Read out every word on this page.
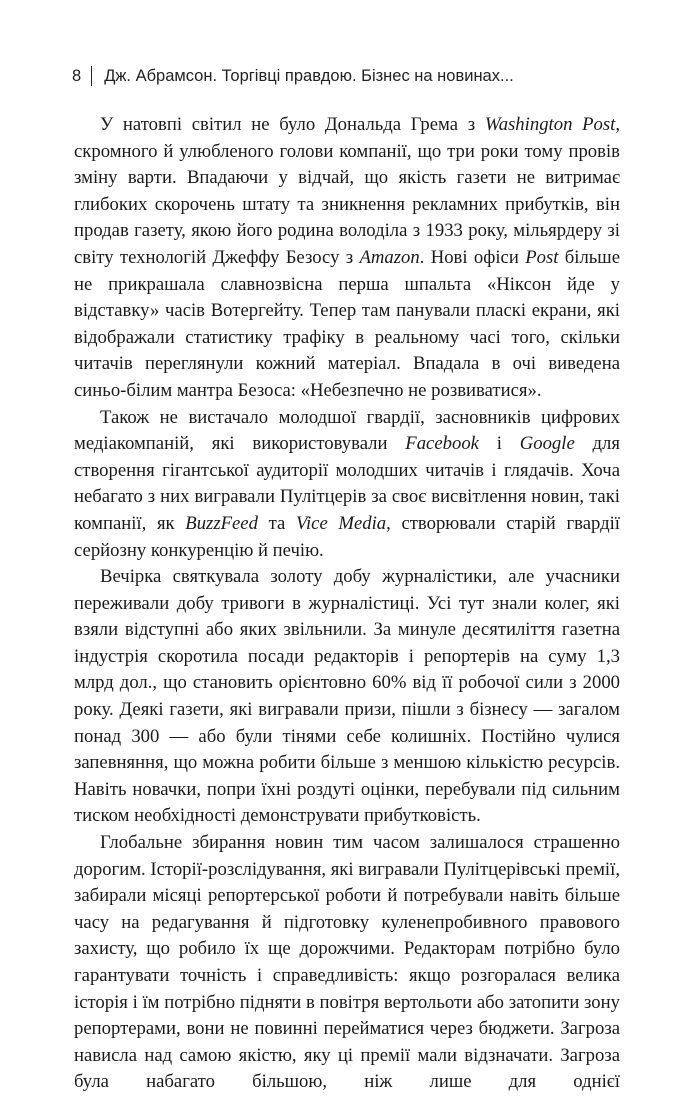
8 Дж. Абрамсон. Торгівці правдою. Бізнес на новинах...

У натовпі світил не було Дональда Грема з Washington Post, скромного й улюбленого голови компанії, що три роки тому провів зміну варти. Впадаючи у відчай, що якість газети не витримає глибоких скорочень штату та зникнення рекламних прибутків, він продав газету, якою його родина володіла з 1933 року, мільярдеру зі світу технологій Джеффу Безосу з Amazon. Нові офіси Post більше не прикрашала славнозвісна перша шпальта «Ніксон йде у відставку» часів Вотергейту. Тепер там панували пласкі екрани, які відображали статистику трафіку в реальному часі того, скільки читачів переглянули кожний матеріал. Впадала в очі виведена синьо-білим мантра Безоса: «Небезпечно не розвиватися».

Також не вистачало молодшої гвардії, засновників цифрових медіакомпаній, які використовували Facebook і Google для створення гігантської аудиторії молодших читачів і глядачів. Хоча небагато з них вигравали Пулітцерів за своє висвітлення новин, такі компанії, як BuzzFeed та Vice Media, створювали старій гвардії серйозну конкуренцію й печію.

Вечірка святкувала золоту добу журналістики, але учасники переживали добу тривоги в журналістиці. Усі тут знали колег, які взяли відступні або яких звільнили. За минуле десятиліття газетна індустрія скоротила посади редакторів і репортерів на суму 1,3 млрд дол., що становить орієнтовно 60% від її робочої сили з 2000 року. Деякі газети, які вигравали призи, пішли з бізнесу — загалом понад 300 — або були тінями себе колишніх. Постійно чулися запевняння, що можна робити більше з меншою кількістю ресурсів. Навіть новачки, попри їхні роздуті оцінки, перебували під сильним тиском необхідності демонструвати прибутковість.

Глобальне збирання новин тим часом залишалося страшенно дорогим. Історії-розслідування, які вигравали Пулітцерівські премії, забирали місяці репортерської роботи й потребували навіть більше часу на редагування й підготовку куленепробивного правового захисту, що робило їх ще дорожчими. Редакторам потрібно було гарантувати точність і справедливість: якщо розгоралася велика історія і їм потрібно підняти в повітря вертольоти або затопити зону репортерами, вони не повинні перейматися через бюджети. Загроза нависла над самою якістю, яку ці премії мали відзначати. Загроза була набагато більшою, ніж лише для однієї
